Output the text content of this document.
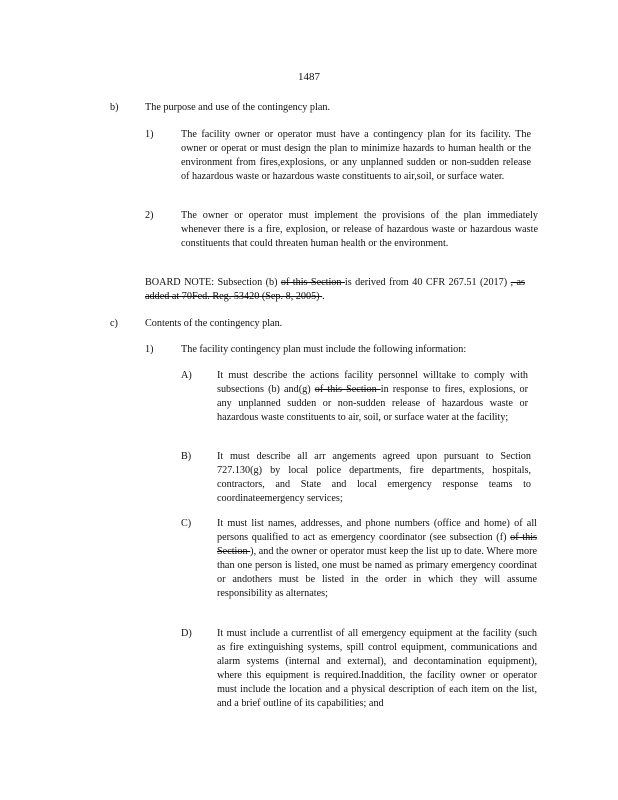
1487
b)	The purpose and use of the contingency plan.
1)	The facility owner or operator must have a contingency plan for its facility. The owner or operat or must design the plan to minimize hazards to human health or the environment from fires,explosions, or any unplanned sudden or non-sudden release of hazardous waste or hazardous waste constituents to air,soil, or surface water.
2)	The owner or operator must implement the provisions of the plan immediately whenever there is a fire, explosion, or release of hazardous waste or hazardous waste constituents that could threaten human health or the environment.
BOARD NOTE: Subsection (b) of this Section is derived from 40 CFR 267.51 (2017) , as added at 70Fed. Reg. 53420 (Sep. 8, 2005) .
c)	Contents of the contingency plan.
1)	The facility contingency plan must include the following information:
A) It must describe the actions facility personnel willtake to comply with subsections (b) and(g) of this Section in response to fires, explosions, or any unplanned sudden or non-sudden release of hazardous waste or hazardous waste constituents to air, soil, or surface water at the facility;
B)	It must describe all arr angements agreed upon pursuant to Section 727.130(g) by local police departments, fire departments, hospitals, contractors, and State and local emergency response teams to coordinateemergency services;
C)	It must list names, addresses, and phone numbers (office and home) of all persons qualified to act as emergency coordinator (see subsection (f) of this Section ), and the owner or operator must keep the list up to date. Where more than one person is listed, one must be named as primary emergency coordinat or andothers must be listed in the order in which they will assume responsibility as alternates;
D) It must include a currentlist of all emergency equipment at the facility (such as fire extinguishing systems, spill control equipment, communications and alarm systems (internal and external), and decontamination equipment), where this equipment is required.Inaddition, the facility owner or operator must include the location and a physical description of each item on the list, and a brief outline of its capabilities; and
